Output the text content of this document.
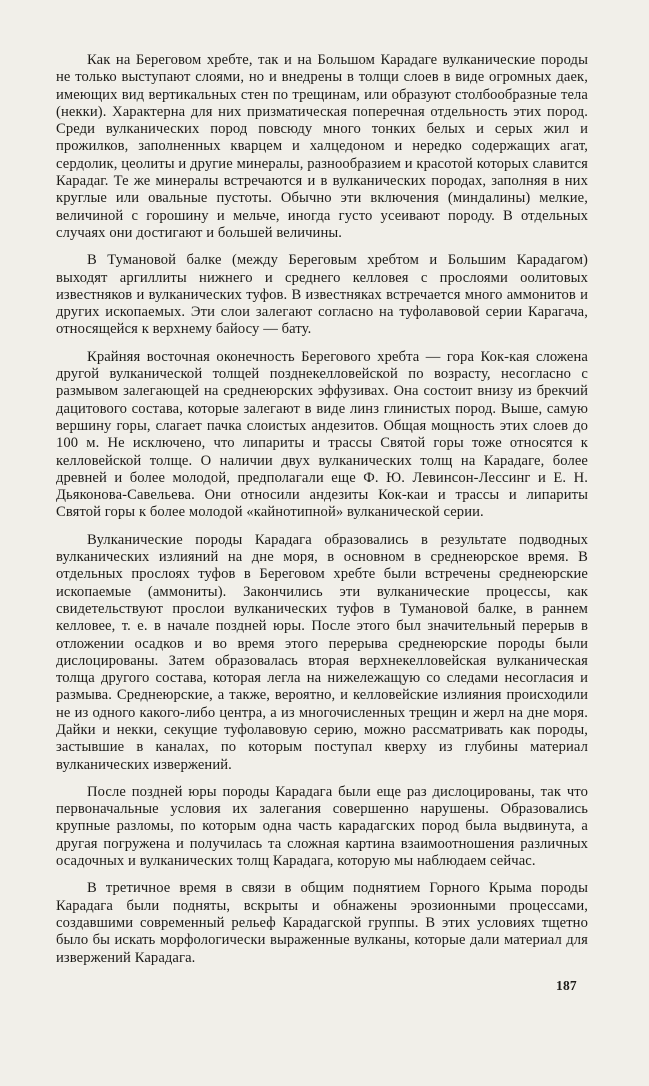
Как на Береговом хребте, так и на Большом Карадаге вулканические породы не только выступают слоями, но и внедрены в толщи слоев в виде огромных даек, имеющих вид вертикальных стен по трещинам, или образуют столбообразные тела (некки). Характерна для них призматическая поперечная отдельность этих пород. Среди вулканических пород повсюду много тонких белых и серых жил и прожилков, заполненных кварцем и халцедоном и нередко содержащих агат, сердолик, цеолиты и другие минералы, разнообразием и красотой которых славится Карадаг. Те же минералы встречаются и в вулканических породах, заполняя в них круглые или овальные пустоты. Обычно эти включения (миндалины) мелкие, величиной с горошину и мельче, иногда густо усеивают породу. В отдельных случаях они достигают и большей величины.

В Тумановой балке (между Береговым хребтом и Большим Карадагом) выходят аргиллиты нижнего и среднего келловея с прослоями оолитовых известняков и вулканических туфов. В известняках встречается много аммонитов и других ископаемых. Эти слои залегают согласно на туфолавовой серии Карагача, относящейся к верхнему байосу — бату.

Крайняя восточная оконечность Берегового хребта — гора Кок-кая сложена другой вулканической толщей позднекелловейской по возрасту, несогласно с размывом залегающей на среднеюрских эффузивах. Она состоит внизу из брекчий дацитового состава, которые залегают в виде линз глинистых пород. Выше, самую вершину горы, слагает пачка слоистых андезитов. Общая мощность этих слоев до 100 м. Не исключено, что липариты и трассы Святой горы тоже относятся к келловейской толще. О наличии двух вулканических толщ на Карадаге, более древней и более молодой, предполагали еще Ф. Ю. Левинсон-Лессинг и Е. Н. Дьяконова-Савельева. Они относили андезиты Кок-каи и трассы и липариты Святой горы к более молодой «кайнотипной» вулканической серии.

Вулканические породы Карадага образовались в результате подводных вулканических излияний на дне моря, в основном в среднеюрское время. В отдельных прослоях туфов в Береговом хребте были встречены среднеюрские ископаемые (аммониты). Закончились эти вулканические процессы, как свидетельствуют прослои вулканических туфов в Тумановой балке, в раннем келловее, т. е. в начале поздней юры. После этого был значительный перерыв в отложении осадков и во время этого перерыва среднеюрские породы были дислоцированы. Затем образовалась вторая верхнекелловейская вулканическая толща другого состава, которая легла на нижележащую со следами несогласия и размыва. Среднеюрские, а также, вероятно, и келловейские излияния происходили не из одного какого-либо центра, а из многочисленных трещин и жерл на дне моря. Дайки и некки, секущие туфолавовую серию, можно рассматривать как породы, застывшие в каналах, по которым поступал кверху из глубины материал вулканических извержений.

После поздней юры породы Карадага были еще раз дислоцированы, так что первоначальные условия их залегания совершенно нарушены. Образовались крупные разломы, по которым одна часть карадагских пород была выдвинута, а другая погружена и получилась та сложная картина взаимоотношения различных осадочных и вулканических толщ Карадага, которую мы наблюдаем сейчас.

В третичное время в связи в общим поднятием Горного Крыма породы Карадага были подняты, вскрыты и обнажены эрозионными процессами, создавшими современный рельеф Карадагской группы. В этих условиях тщетно было бы искать морфологически выраженные вулканы, которые дали материал для извержений Карадага.

187
